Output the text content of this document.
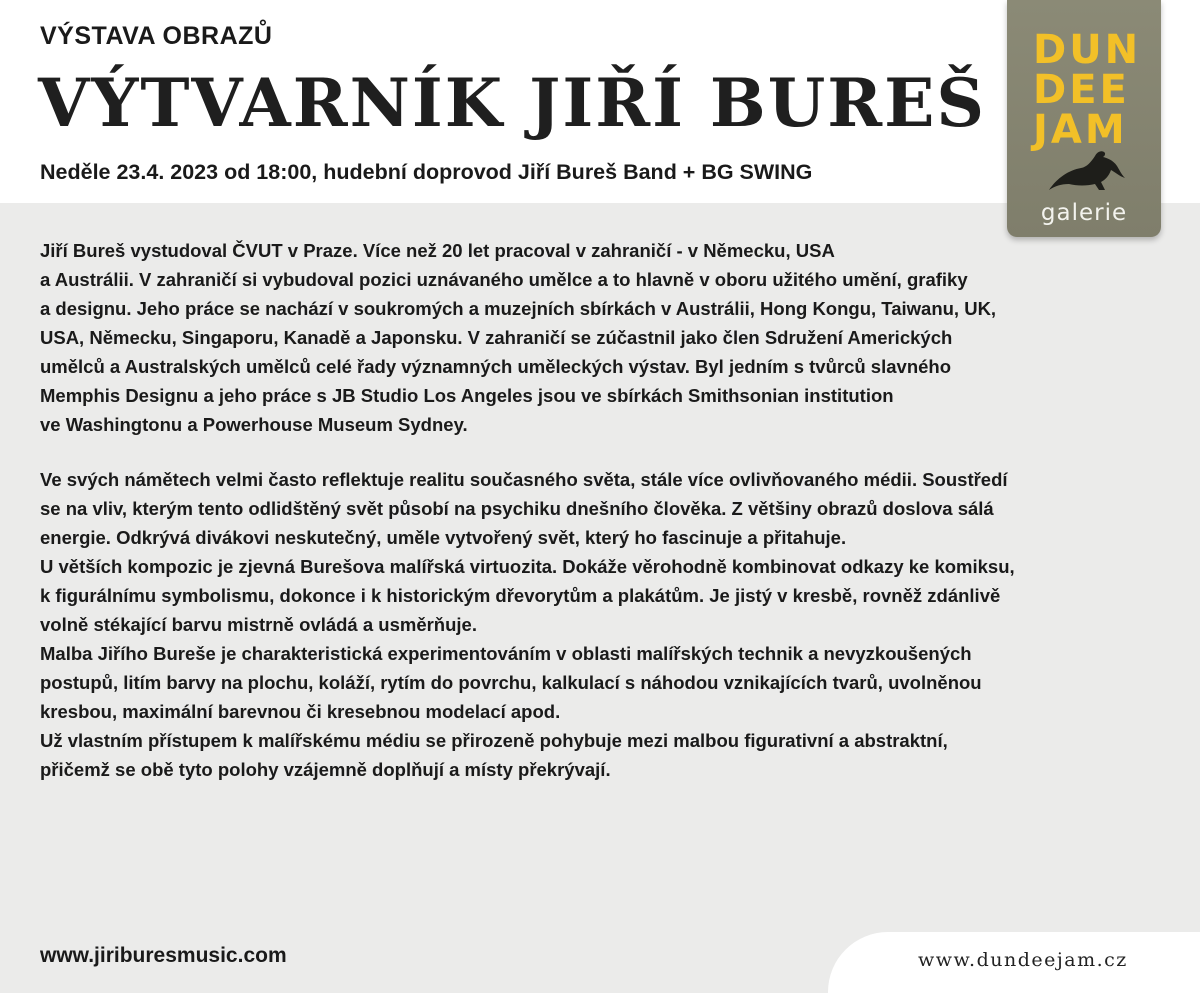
VÝSTAVA OBRAZŮ
VÝTVARNÍK JIŘÍ BUREŠ
Neděle 23.4. 2023 od 18:00, hudební doprovod Jiří Bureš Band + BG SWING
DUN
DEE
JAM
galerie

Jiří Bureš vystudoval ČVUT v Praze. Více než 20 let pracoval v zahraničí - v Německu, USA
a Austrálii. V zahraničí si vybudoval pozici uznávaného umělce a to hlavně v oboru užitého umění, grafiky
a designu. Jeho práce se nachází v soukromých a muzejních sbírkách v Austrálii, Hong Kongu, Taiwanu, UK,
USA, Německu, Singaporu, Kanadě a Japonsku. V zahraničí se zúčastnil jako člen Sdružení Amerických
umělců a Australských umělců celé řady významných uměleckých výstav. Byl jedním s tvůrců slavného
Memphis Designu a jeho práce s JB Studio Los Angeles jsou ve sbírkách Smithsonian institution
ve Washingtonu a Powerhouse Museum Sydney.

Ve svých námětech velmi často reflektuje realitu současného světa, stále více ovlivňovaného médii. Soustředí
se na vliv, kterým tento odlidštěný svět působí na psychiku dnešního člověka. Z většiny obrazů doslova sálá
energie. Odkrývá divákovi neskutečný, uměle vytvořený svět, který ho fascinuje a přitahuje.
U větších kompozic je zjevná Burešova malířská virtuozita. Dokáže věrohodně kombinovat odkazy ke komiksu,
k figurálnímu symbolismu, dokonce i k historickým dřevorytům a plakátům. Je jistý v kresbě, rovněž zdánlivě
volně stékající barvu mistrně ovládá a usměrňuje.
Malba Jiřího Bureše je charakteristická experimentováním v oblasti malířských technik a nevyzkoušených
postupů, litím barvy na plochu, koláží, rytím do povrchu, kalkulací s náhodou vznikajících tvarů, uvolněnou
kresbou, maximální barevnou či kresebnou modelací apod.
Už vlastním přístupem k malířskému médiu se přirozeně pohybuje mezi malbou figurativní a abstraktní,
přičemž se obě tyto polohy vzájemně doplňují a místy překrývají.

www.jiriburesmusic.com	www.dundeejam.cz
